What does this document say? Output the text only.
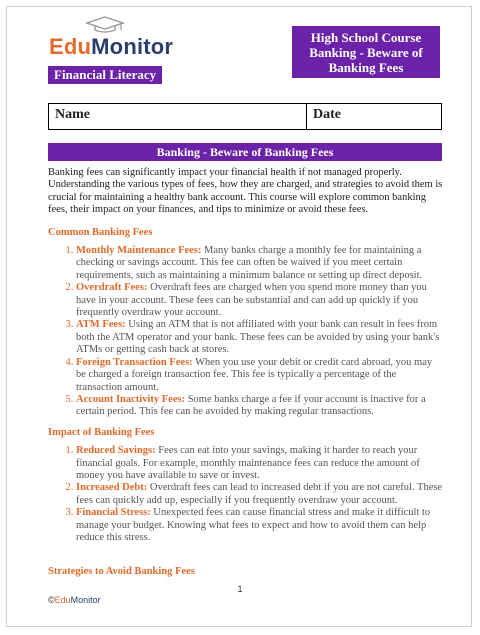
EduMonitor
Financial Literacy
High School Course
Banking - Beware of
Banking Fees
Name	Date
Banking - Beware of Banking Fees

Banking fees can significantly impact your financial health if not managed properly. Understanding the various types of fees, how they are charged, and strategies to avoid them is crucial for maintaining a healthy bank account. This course will explore common banking fees, their impact on your finances, and tips to minimize or avoid these fees.

Common Banking Fees
1. Monthly Maintenance Fees: Many banks charge a monthly fee for maintaining a checking or savings account. This fee can often be waived if you meet certain requirements, such as maintaining a minimum balance or setting up direct deposit.
2. Overdraft Fees: Overdraft fees are charged when you spend more money than you have in your account. These fees can be substantial and can add up quickly if you frequently overdraw your account.
3. ATM Fees: Using an ATM that is not affiliated with your bank can result in fees from both the ATM operator and your bank. These fees can be avoided by using your bank's ATMs or getting cash back at stores.
4. Foreign Transaction Fees: When you use your debit or credit card abroad, you may be charged a foreign transaction fee. This fee is typically a percentage of the transaction amount.
5. Account Inactivity Fees: Some banks charge a fee if your account is inactive for a certain period. This fee can be avoided by making regular transactions.
Impact of Banking Fees
1. Reduced Savings: Fees can eat into your savings, making it harder to reach your financial goals. For example, monthly maintenance fees can reduce the amount of money you have available to save or invest.
2. Increased Debt: Overdraft fees can lead to increased debt if you are not careful. These fees can quickly add up, especially if you frequently overdraw your account.
3. Financial Stress: Unexpected fees can cause financial stress and make it difficult to manage your budget. Knowing what fees to expect and how to avoid them can help reduce this stress.
Strategies to Avoid Banking Fees
1
©EduMonitor
